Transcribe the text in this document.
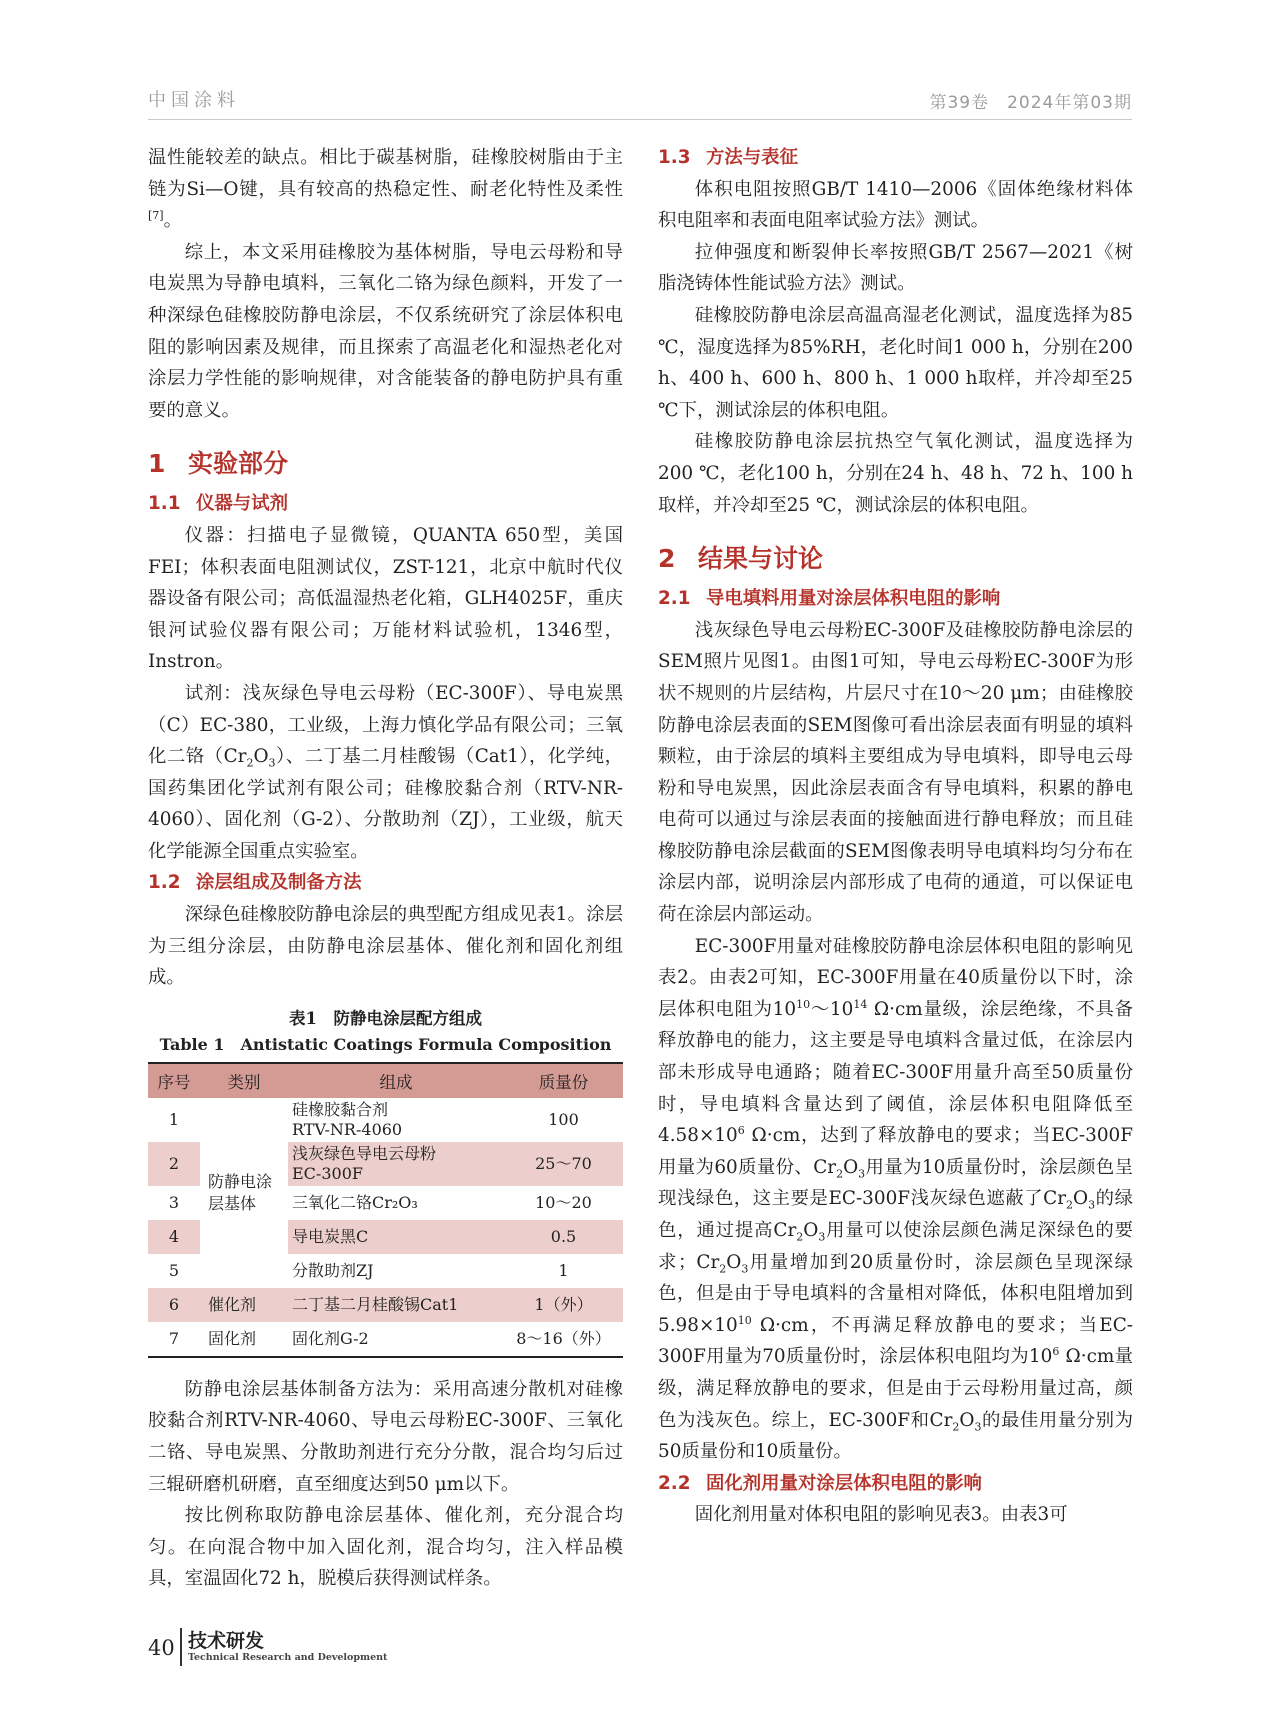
中国涂料	第39卷　2024年第03期

温性能较差的缺点。相比于碳基树脂，硅橡胶树脂由于主链为Si—O键，具有较高的热稳定性、耐老化特性及柔性[7]。

综上，本文采用硅橡胶为基体树脂，导电云母粉和导电炭黑为导静电填料，三氧化二铬为绿色颜料，开发了一种深绿色硅橡胶防静电涂层，不仅系统研究了涂层体积电阻的影响因素及规律，而且探索了高温老化和湿热老化对涂层力学性能的影响规律，对含能装备的静电防护具有重要的意义。

1 实验部分
1.1 仪器与试剂

仪器：扫描电子显微镜，QUANTA 650型，美国FEI；体积表面电阻测试仪，ZST-121，北京中航时代仪器设备有限公司；高低温湿热老化箱，GLH4025F，重庆银河试验仪器有限公司；万能材料试验机，1346型，Instron。

试剂：浅灰绿色导电云母粉（EC-300F）、导电炭黑（C）EC-380，工业级，上海力慎化学品有限公司；三氧化二铬$(Cr_2O_3)$、二丁基二月桂酸锡（Cat1），化学纯，国药集团化学试剂有限公司；硅橡胶黏合剂（RTV-NR-4060）、固化剂（G-2）、分散助剂（ZJ），工业级，航天化学能源全国重点实验室。

1.2 涂层组成及制备方法

深绿色硅橡胶防静电涂层的典型配方组成见表1。涂层为三组分涂层，由防静电涂层基体、催化剂和固化剂组成。

表1　防静电涂层配方组成
Table 1　Antistatic Coatings Formula Composition
序号	类别	组成	质量份
1	防静电涂层基体	硅橡胶黏合剂
RTV-NR-4060	100
2		浅灰绿色导电云母粉
EC-300F	25～70
3		三氧化二铬Cr₂O₃	10～20
4		导电炭黑C	0.5
5		分散助剂ZJ	1
6	催化剂	二丁基二月桂酸锡Cat1	1（外）
7	固化剂	固化剂G-2	8～16（外）

防静电涂层基体制备方法为：采用高速分散机对硅橡胶黏合剂RTV-NR-4060、导电云母粉EC-300F、三氧化二铬、导电炭黑、分散助剂进行充分分散，混合均匀后过三辊研磨机研磨，直至细度达到50 μm以下。

按比例称取防静电涂层基体、催化剂，充分混合均匀。在向混合物中加入固化剂，混合均匀，注入样品模具，室温固化72 h，脱模后获得测试样条。

1.3 方法与表征

体积电阻按照GB/T 1410—2006《固体绝缘材料体积电阻率和表面电阻率试验方法》测试。

拉伸强度和断裂伸长率按照GB/T 2567—2021《树脂浇铸体性能试验方法》测试。

硅橡胶防静电涂层高温高湿老化测试，温度选择为85 ℃，湿度选择为85%RH，老化时间1 000 h，分别在200 h、400 h、600 h、800 h、1 000 h取样，并冷却至25 ℃下，测试涂层的体积电阻。

硅橡胶防静电涂层抗热空气氧化测试，温度选择为200 ℃，老化100 h，分别在24 h、48 h、72 h、100 h取样，并冷却至25 ℃，测试涂层的体积电阻。

2 结果与讨论
2.1 导电填料用量对涂层体积电阻的影响

浅灰绿色导电云母粉EC-300F及硅橡胶防静电涂层的SEM照片见图1。由图1可知，导电云母粉EC-300F为形状不规则的片层结构，片层尺寸在10～20 μm；由硅橡胶防静电涂层表面的SEM图像可看出涂层表面有明显的填料颗粒，由于涂层的填料主要组成为导电填料，即导电云母粉和导电炭黑，因此涂层表面含有导电填料，积累的静电电荷可以通过与涂层表面的接触面进行静电释放；而且硅橡胶防静电涂层截面的SEM图像表明导电填料均匀分布在涂层内部，说明涂层内部形成了电荷的通道，可以保证电荷在涂层内部运动。

EC-300F用量对硅橡胶防静电涂层体积电阻的影响见表2。由表2可知，EC-300F用量在40质量份以下时，涂层体积电阻为$10^{10}\sim 10^{14}$ Ω·cm量级，涂层绝缘，不具备释放静电的能力，这主要是导电填料含量过低，在涂层内部未形成导电通路；随着EC-300F用量升高至50质量份时，导电填料含量达到了阈值，涂层体积电阻降低至$4.58\times 10^6$ Ω·cm，达到了释放静电的要求；当EC-300F用量为60质量份、$Cr_2O_3$用量为10质量份时，涂层颜色呈现浅绿色，这主要是EC-300F浅灰绿色遮蔽了$Cr_2O_3$的绿色，通过提高$Cr_2O_3$用量可以使涂层颜色满足深绿色的要求；$Cr_2O_3$用量增加到20质量份时，涂层颜色呈现深绿色，但是由于导电填料的含量相对降低，体积电阻增加到$5.98\times 10^{10}$ Ω·cm，不再满足释放静电的要求；当EC-300F用量为70质量份时，涂层体积电阻均为$10^6$ Ω·cm量级，满足释放静电的要求，但是由于云母粉用量过高，颜色为浅灰色。综上，EC-300F和$Cr_2O_3$的最佳用量分别为50质量份和10质量份。

2.2 固化剂用量对涂层体积电阻的影响

固化剂用量对体积电阻的影响见表3。由表3可

40 技术研发
Technical Research and Development
